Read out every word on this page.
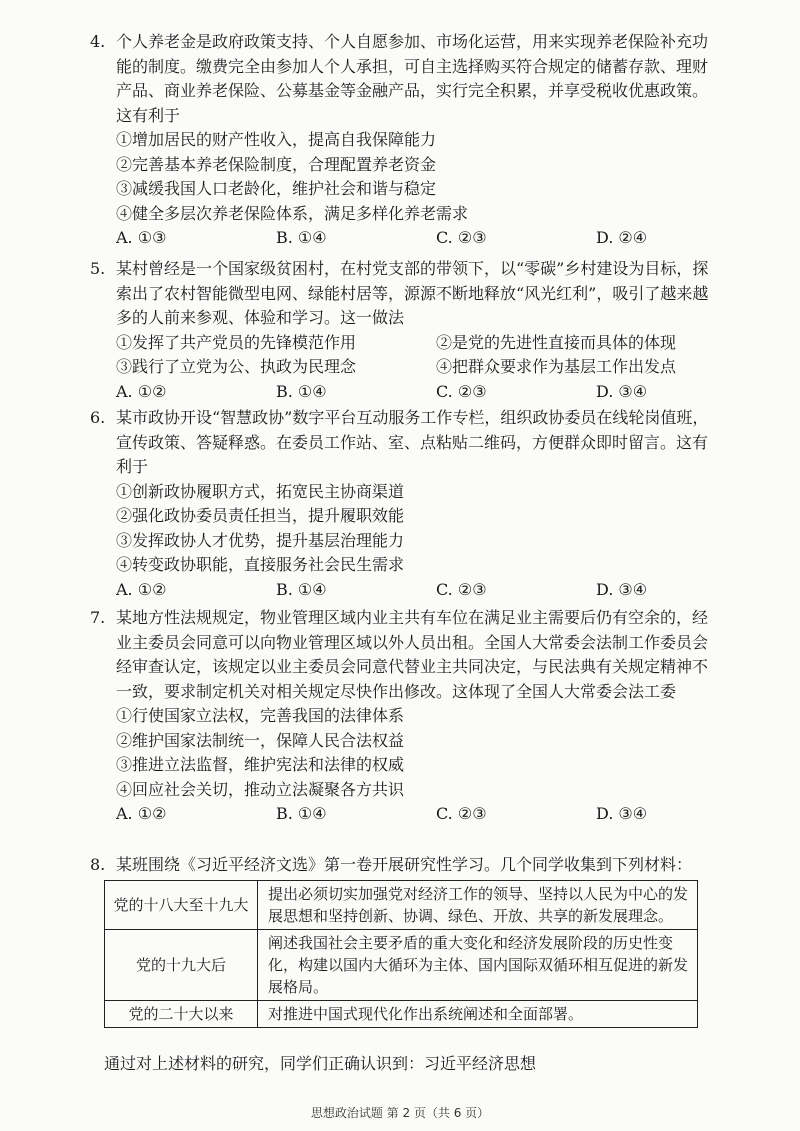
4. 个人养老金是政府政策支持、个人自愿参加、市场化运营，用来实现养老保险补充功能的制度。缴费完全由参加人个人承担，可自主选择购买符合规定的储蓄存款、理财产品、商业养老保险、公募基金等金融产品，实行完全积累，并享受税收优惠政策。这有利于
①增加居民的财产性收入，提高自我保障能力
②完善基本养老保险制度，合理配置养老资金
③减缓我国人口老龄化，维护社会和谐与稳定
④健全多层次养老保险体系，满足多样化养老需求
A. ①③	B. ①④	C. ②③	D. ②④
5. 某村曾经是一个国家级贫困村，在村党支部的带领下，以“零碳”乡村建设为目标，探索出了农村智能微型电网、绿能村居等，源源不断地释放“风光红利”，吸引了越来越多的人前来参观、体验和学习。这一做法
①发挥了共产党员的先锋模范作用	②是党的先进性直接而具体的体现
③践行了立党为公、执政为民理念	④把群众要求作为基层工作出发点
A. ①②	B. ①④	C. ②③	D. ③④
6. 某市政协开设“智慧政协”数字平台互动服务工作专栏，组织政协委员在线轮岗值班，宣传政策、答疑释惑。在委员工作站、室、点粘贴二维码，方便群众即时留言。这有利于
①创新政协履职方式，拓宽民主协商渠道
②强化政协委员责任担当，提升履职效能
③发挥政协人才优势，提升基层治理能力
④转变政协职能，直接服务社会民生需求
A. ①②	B. ①④	C. ②③	D. ③④
7. 某地方性法规规定，物业管理区域内业主共有车位在满足业主需要后仍有空余的，经业主委员会同意可以向物业管理区域以外人员出租。全国人大常委会法制工作委员会经审查认定，该规定以业主委员会同意代替业主共同决定，与民法典有关规定精神不一致，要求制定机关对相关规定尽快作出修改。这体现了全国人大常委会法工委
①行使国家立法权，完善我国的法律体系
②维护国家法制统一，保障人民合法权益
③推进立法监督，维护宪法和法律的权威
④回应社会关切，推动立法凝聚各方共识
A. ①②	B. ①④	C. ②③	D. ③④
8. 某班围绕《习近平经济文选》第一卷开展研究性学习。几个同学收集到下列材料：
党的十八大至十九大	提出必须切实加强党对经济工作的领导、坚持以人民为中心的发展思想和坚持创新、协调、绿色、开放、共享的新发展理念。
党的十九大后	阐述我国社会主要矛盾的重大变化和经济发展阶段的历史性变化，构建以国内大循环为主体、国内国际双循环相互促进的新发展格局。
党的二十大以来	对推进中国式现代化作出系统阐述和全面部署。
通过对上述材料的研究，同学们正确认识到：习近平经济思想
思想政治试题 第 2 页（共 6 页）
